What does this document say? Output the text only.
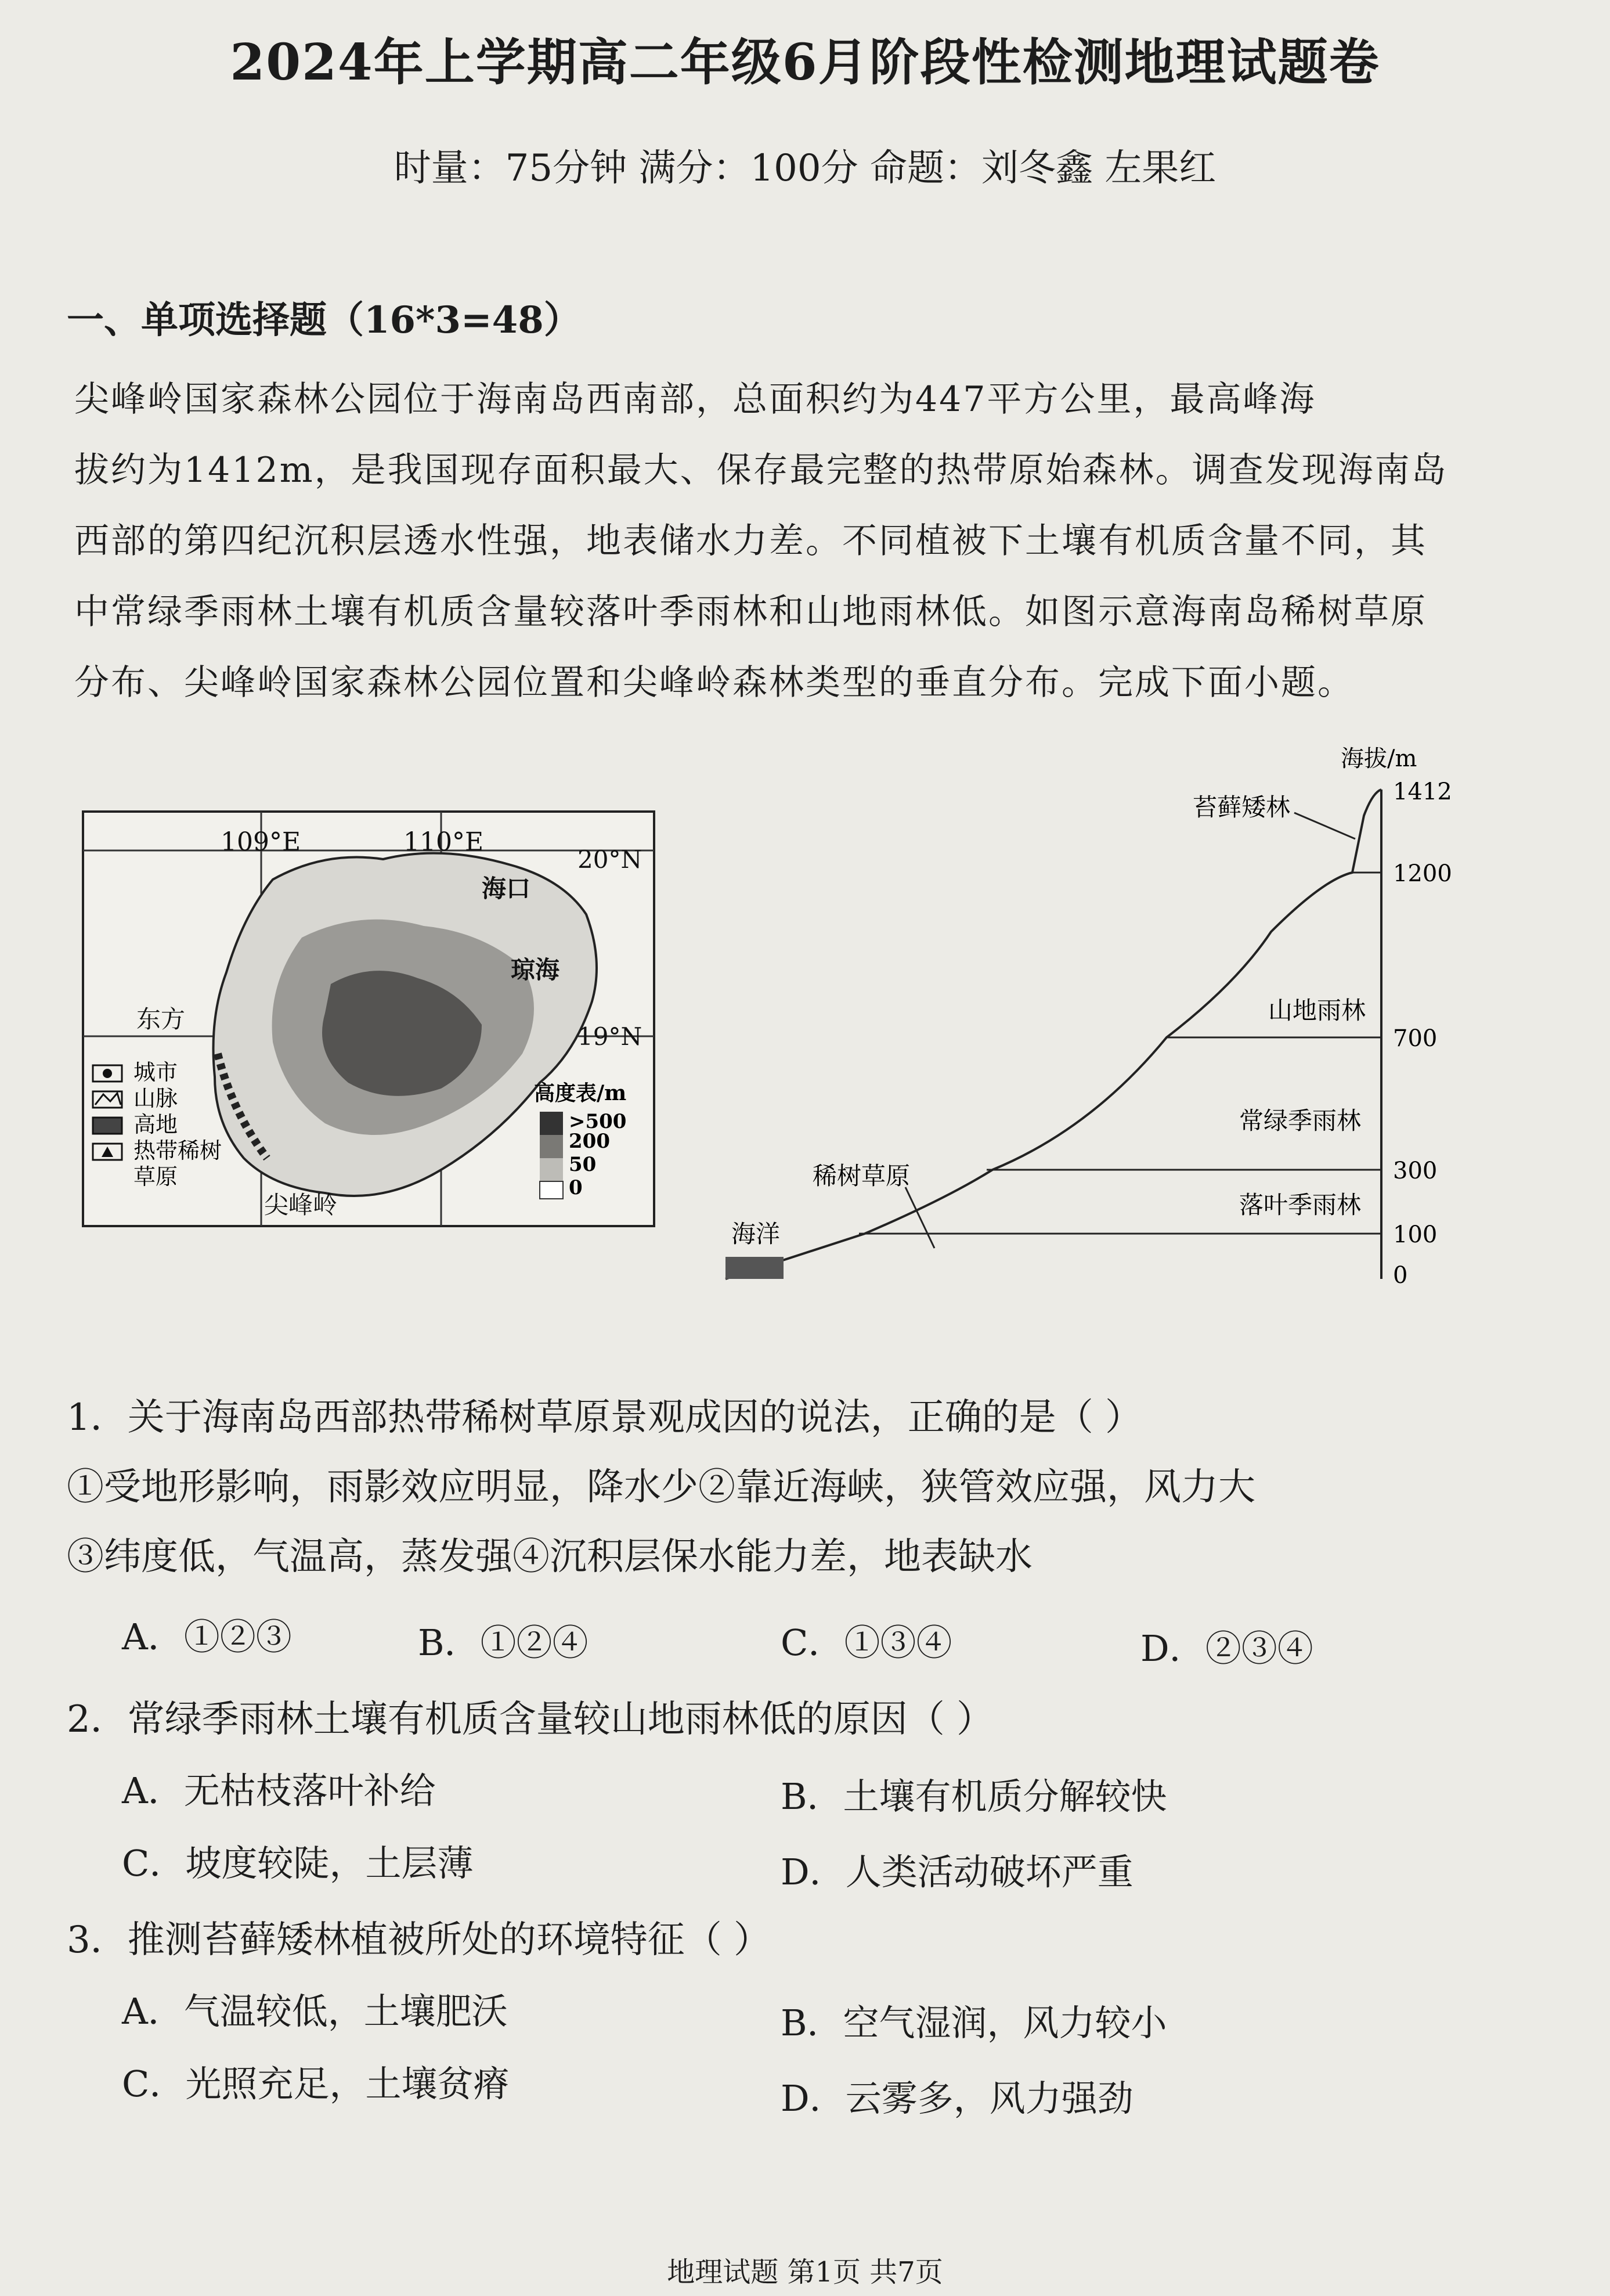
2024年上学期高二年级6月阶段性检测地理试题卷
时量：75分钟 满分：100分 命题：刘冬鑫 左果红
一、单项选择题（16*3=48）
尖峰岭国家森林公园位于海南岛西南部，总面积约为447平方公里，最高峰海
拔约为1412m，是我国现存面积最大、保存最完整的热带原始森林。调查发现海南岛
西部的第四纪沉积层透水性强，地表储水力差。不同植被下土壤有机质含量不同，其
中常绿季雨林土壤有机质含量较落叶季雨林和山地雨林低。如图示意海南岛稀树草原
分布、尖峰岭国家森林公园位置和尖峰岭森林类型的垂直分布。完成下面小题。
109°E	110°E
20°N
19°N
海口
琼海
东方
尖峰岭
城市
山脉
高地
热带稀树
草原
高度表/m
>500
200
50
0
海拔/m
1412
1200
700
300
100
0
苔藓矮林
山地雨林
常绿季雨林
落叶季雨林
稀树草原
海洋
1．关于海南岛西部热带稀树草原景观成因的说法，正确的是（ ）
①受地形影响，雨影效应明显，降水少②靠近海峡，狭管效应强，风力大
③纬度低，气温高，蒸发强④沉积层保水能力差，地表缺水
A．①②③	B．①②④	C．①③④	D．②③④
2．常绿季雨林土壤有机质含量较山地雨林低的原因（ ）
A．无枯枝落叶补给	B．土壤有机质分解较快
C．坡度较陡，土层薄	D．人类活动破坏严重
3．推测苔藓矮林植被所处的环境特征（ ）
A．气温较低，土壤肥沃	B．空气湿润，风力较小
C．光照充足，土壤贫瘠	D．云雾多，风力强劲
地理试题 第1页 共7页
